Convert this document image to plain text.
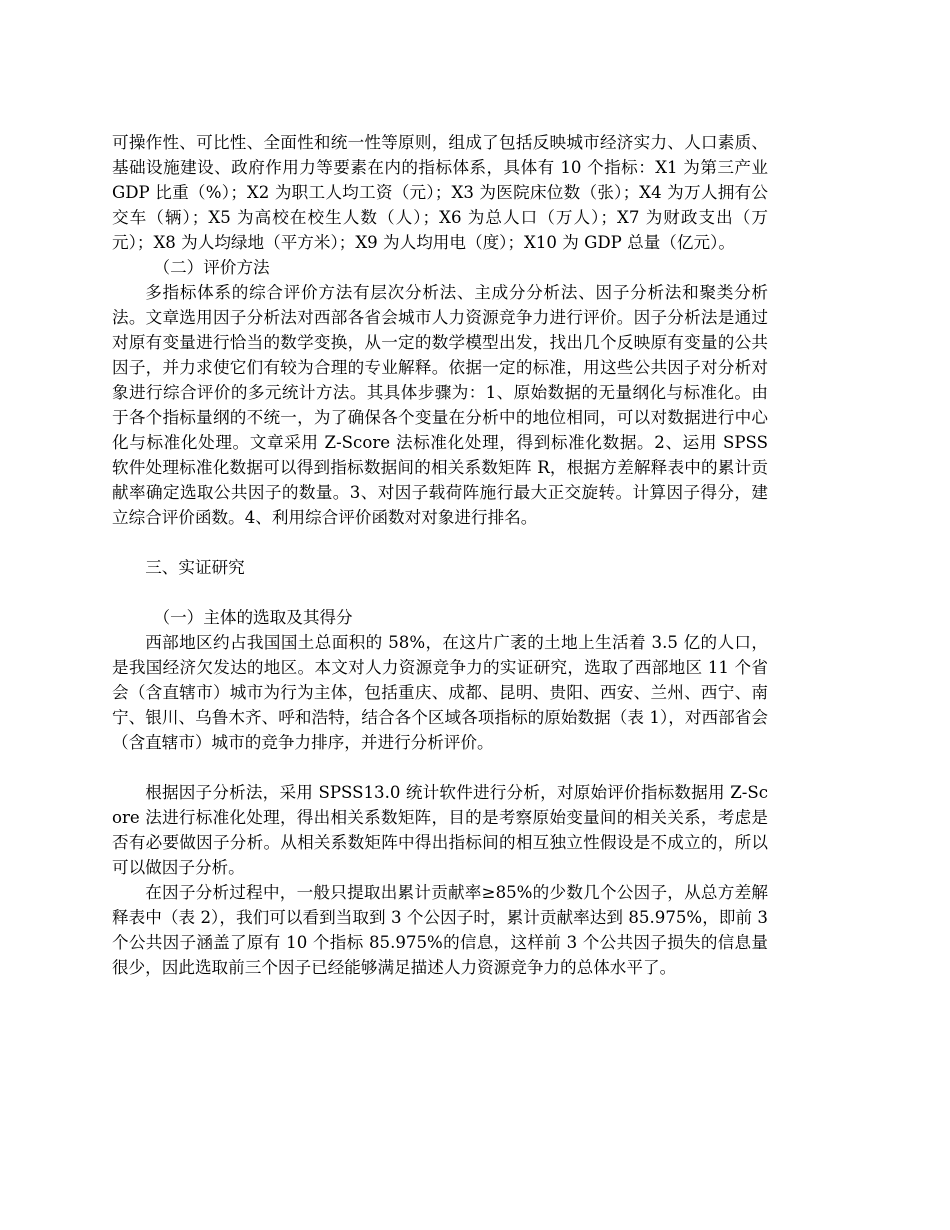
可操作性、可比性、全面性和统一性等原则，组成了包括反映城市经济实力、人口素质、基础设施建设、政府作用力等要素在内的指标体系，具体有 10 个指标：X1 为第三产业 GDP 比重（%）；X2 为职工人均工资（元）；X3 为医院床位数（张）；X4 为万人拥有公交车（辆）；X5 为高校在校生人数（人）；X6 为总人口（万人）；X7 为财政支出（万元）；X8 为人均绿地（平方米）；X9 为人均用电（度）；X10 为 GDP 总量（亿元）。

（二）评价方法

多指标体系的综合评价方法有层次分析法、主成分分析法、因子分析法和聚类分析法。文章选用因子分析法对西部各省会城市人力资源竞争力进行评价。因子分析法是通过对原有变量进行恰当的数学变换，从一定的数学模型出发，找出几个反映原有变量的公共因子，并力求使它们有较为合理的专业解释。依据一定的标准，用这些公共因子对分析对象进行综合评价的多元统计方法。其具体步骤为：1、原始数据的无量纲化与标准化。由于各个指标量纲的不统一，为了确保各个变量在分析中的地位相同，可以对数据进行中心化与标准化处理。文章采用 Z-Score 法标准化处理，得到标准化数据。2、运用 SPSS 软件处理标准化数据可以得到指标数据间的相关系数矩阵 R，根据方差解释表中的累计贡献率确定选取公共因子的数量。3、对因子载荷阵施行最大正交旋转。计算因子得分，建立综合评价函数。4、利用综合评价函数对对象进行排名。

三、实证研究

（一）主体的选取及其得分

西部地区约占我国国土总面积的 58%，在这片广袤的土地上生活着 3.5 亿的人口，是我国经济欠发达的地区。本文对人力资源竞争力的实证研究，选取了西部地区 11 个省会（含直辖市）城市为行为主体，包括重庆、成都、昆明、贵阳、西安、兰州、西宁、南宁、银川、乌鲁木齐、呼和浩特，结合各个区域各项指标的原始数据（表 1），对西部省会（含直辖市）城市的竞争力排序，并进行分析评价。

根据因子分析法，采用 SPSS13.0 统计软件进行分析，对原始评价指标数据用 Z-Score 法进行标准化处理，得出相关系数矩阵，目的是考察原始变量间的相关关系，考虑是否有必要做因子分析。从相关系数矩阵中得出指标间的相互独立性假设是不成立的，所以可以做因子分析。

在因子分析过程中，一般只提取出累计贡献率≥85%的少数几个公因子，从总方差解释表中（表 2），我们可以看到当取到 3 个公因子时，累计贡献率达到 85.975%，即前 3 个公共因子涵盖了原有 10 个指标 85.975%的信息，这样前 3 个公共因子损失的信息量很少，因此选取前三个因子已经能够满足描述人力资源竞争力的总体水平了。
